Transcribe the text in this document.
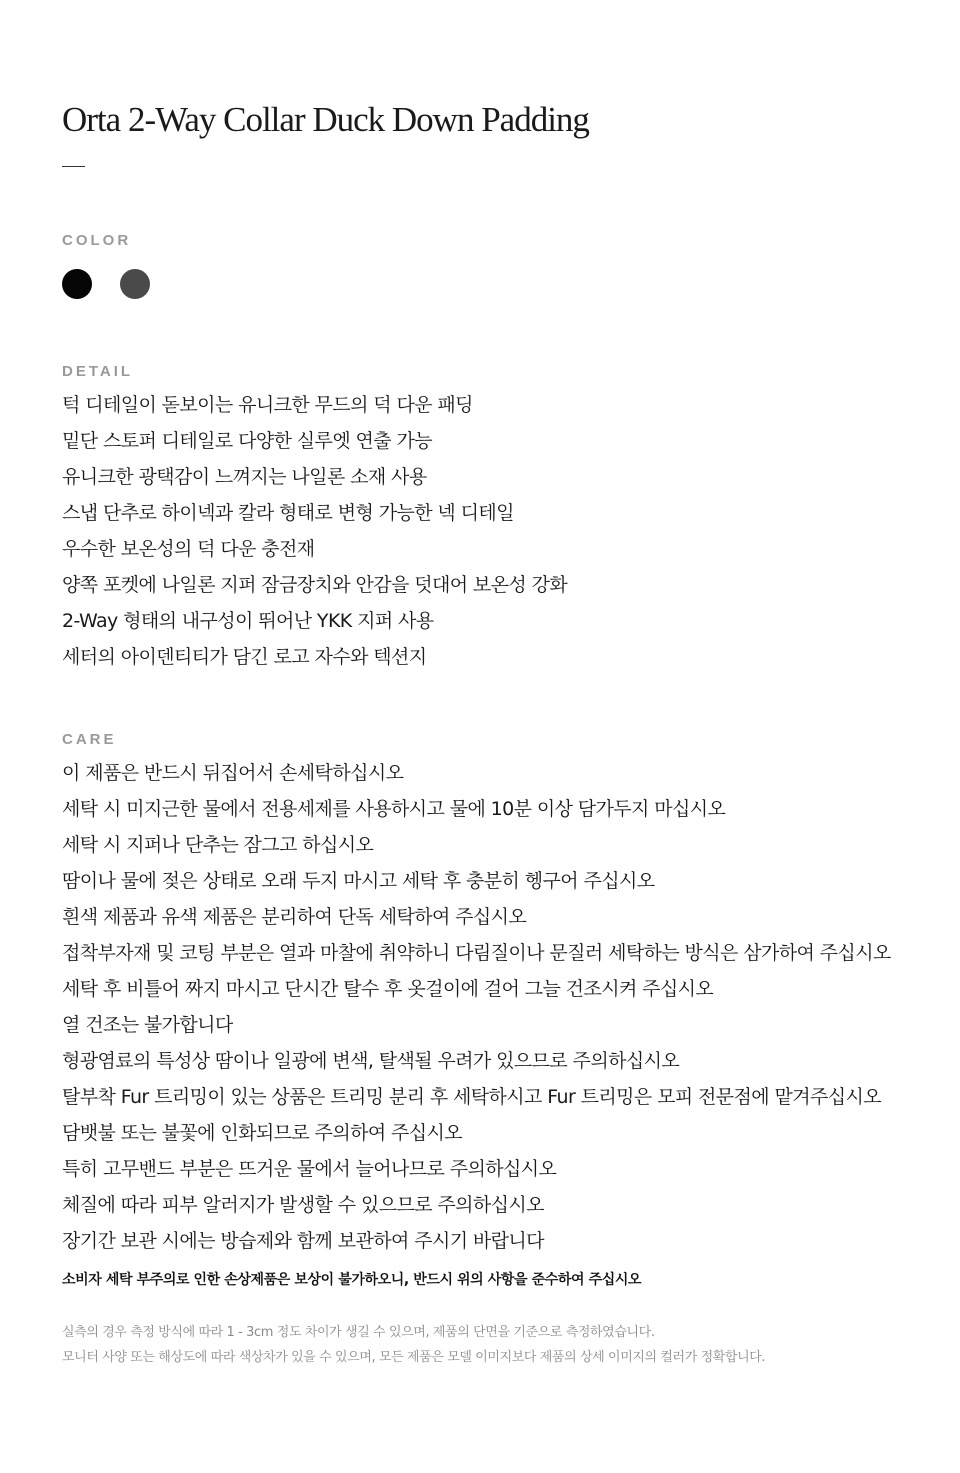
Orta 2-Way Collar Duck Down Padding
COLOR
DETAIL
턱 디테일이 돋보이는 유니크한 무드의 덕 다운 패딩
밑단 스토퍼 디테일로 다양한 실루엣 연출 가능
유니크한 광택감이 느껴지는 나일론 소재 사용
스냅 단추로 하이넥과 칼라 형태로 변형 가능한 넥 디테일
우수한 보온성의 덕 다운 충전재
양쪽 포켓에 나일론 지퍼 잠금장치와 안감을 덧대어 보온성 강화
2-Way 형태의 내구성이 뛰어난 YKK 지퍼 사용
세터의 아이덴티티가 담긴 로고 자수와 텍션지
CARE
이 제품은 반드시 뒤집어서 손세탁하십시오
세탁 시 미지근한 물에서 전용세제를 사용하시고 물에 10분 이상 담가두지 마십시오
세탁 시 지퍼나 단추는 잠그고 하십시오
땀이나 물에 젖은 상태로 오래 두지 마시고 세탁 후 충분히 헹구어 주십시오
흰색 제품과 유색 제품은 분리하여 단독 세탁하여 주십시오
접착부자재 및 코팅 부분은 열과 마찰에 취약하니 다림질이나 문질러 세탁하는 방식은 삼가하여 주십시오
세탁 후 비틀어 짜지 마시고 단시간 탈수 후 옷걸이에 걸어 그늘 건조시켜 주십시오
열 건조는 불가합니다
형광염료의 특성상 땀이나 일광에 변색, 탈색될 우려가 있으므로 주의하십시오
탈부착 Fur 트리밍이 있는 상품은 트리밍 분리 후 세탁하시고 Fur 트리밍은 모피 전문점에 맡겨주십시오
담뱃불 또는 불꽃에 인화되므로 주의하여 주십시오
특히 고무밴드 부분은 뜨거운 물에서 늘어나므로 주의하십시오
체질에 따라 피부 알러지가 발생할 수 있으므로 주의하십시오
장기간 보관 시에는 방습제와 함께 보관하여 주시기 바랍니다

소비자 세탁 부주의로 인한 손상제품은 보상이 불가하오니, 반드시 위의 사항을 준수하여 주십시오

실측의 경우 측정 방식에 따라 1 - 3cm 정도 차이가 생길 수 있으며, 제품의 단면을 기준으로 측정하였습니다.
모니터 사양 또는 해상도에 따라 색상차가 있을 수 있으며, 모든 제품은 모델 이미지보다 제품의 상세 이미지의 컬러가 정확합니다.
